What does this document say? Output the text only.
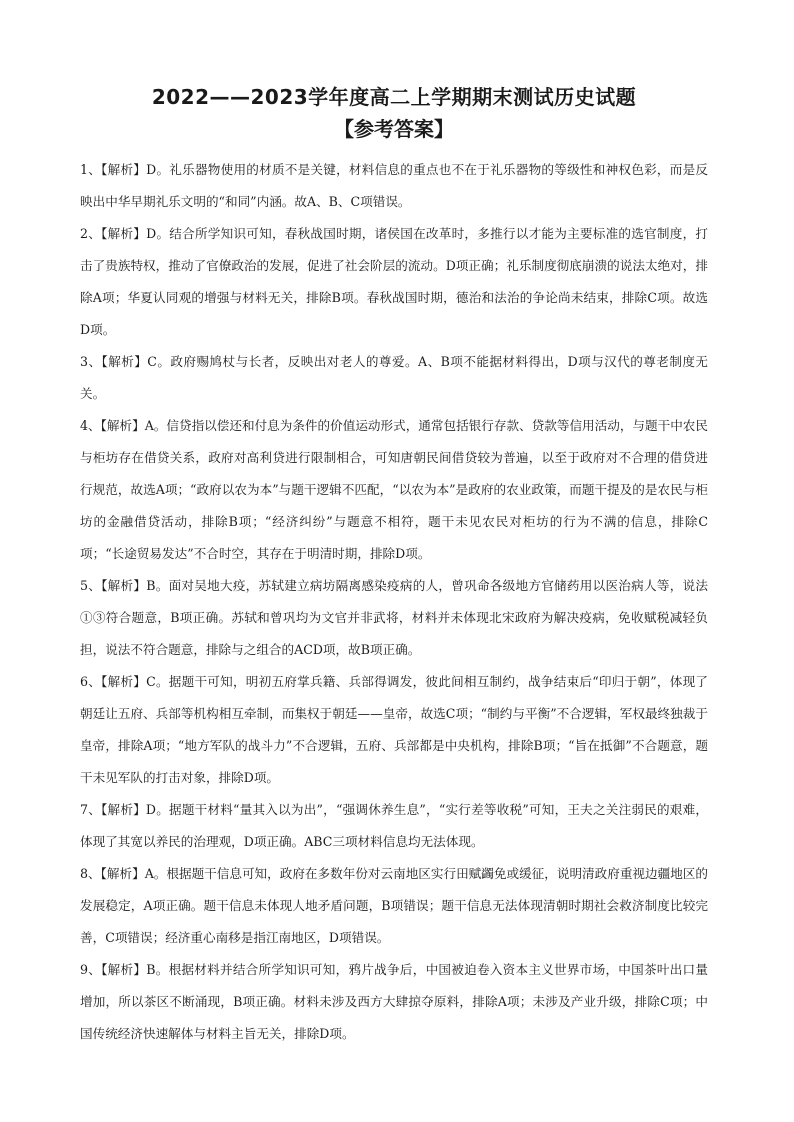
2022——2023学年度高二上学期期末测试历史试题
【参考答案】

1、【解析】D。礼乐器物使用的材质不是关键，材料信息的重点也不在于礼乐器物的等级性和神权色彩，而是反映出中华早期礼乐文明的“和同”内涵。故A、B、C项错误。

2、【解析】D。结合所学知识可知，春秋战国时期，诸侯国在改革时，多推行以才能为主要标准的选官制度，打击了贵族特权，推动了官僚政治的发展，促进了社会阶层的流动。D项正确；礼乐制度彻底崩溃的说法太绝对，排除A项；华夏认同观的增强与材料无关，排除B项。春秋战国时期，德治和法治的争论尚未结束，排除C项。故选D项。

3、【解析】C。政府赐鸠杖与长者，反映出对老人的尊爱。A、B项不能据材料得出，D项与汉代的尊老制度无关。

4、【解析】A。信贷指以偿还和付息为条件的价值运动形式，通常包括银行存款、贷款等信用活动，与题干中农民与柜坊存在借贷关系，政府对高利贷进行限制相合，可知唐朝民间借贷较为普遍，以至于政府对不合理的借贷进行规范，故选A项；“政府以农为本”与题干逻辑不匹配，“以农为本”是政府的农业政策，而题干提及的是农民与柜坊的金融借贷活动，排除B项；“经济纠纷”与题意不相符，题干未见农民对柜坊的行为不满的信息，排除C项；“长途贸易发达”不合时空，其存在于明清时期，排除D项。

5、【解析】B。面对吴地大疫，苏轼建立病坊隔离感染疫病的人，曾巩命各级地方官储药用以医治病人等，说法①③符合题意，B项正确。苏轼和曾巩均为文官并非武将，材料并未体现北宋政府为解决疫病，免收赋税减轻负担，说法不符合题意，排除与之组合的ACD项，故B项正确。

6、【解析】C。据题干可知，明初五府掌兵籍、兵部得调发，彼此间相互制约，战争结束后“印归于朝”，体现了朝廷让五府、兵部等机构相互牵制，而集权于朝廷——皇帝，故选C项；“制约与平衡”不合逻辑，军权最终独裁于皇帝，排除A项；“地方军队的战斗力”不合逻辑，五府、兵部都是中央机构，排除B项；“旨在抵御”不合题意，题干未见军队的打击对象，排除D项。

7、【解析】D。据题干材料“量其入以为出”，“强调休养生息”，“实行差等收税”可知，王夫之关注弱民的艰难，体现了其宽以养民的治理观，D项正确。ABC三项材料信息均无法体现。

8、【解析】A。根据题干信息可知，政府在多数年份对云南地区实行田赋蠲免或缓征，说明清政府重视边疆地区的发展稳定，A项正确。题干信息未体现人地矛盾问题，B项错误；题干信息无法体现清朝时期社会救济制度比较完善，C项错误；经济重心南移是指江南地区，D项错误。

9、【解析】B。根据材料并结合所学知识可知，鸦片战争后，中国被迫卷入资本主义世界市场，中国茶叶出口量增加，所以茶区不断涌现，B项正确。材料未涉及西方大肆掠夺原料，排除A项；未涉及产业升级，排除C项；中国传统经济快速解体与材料主旨无关，排除D项。
